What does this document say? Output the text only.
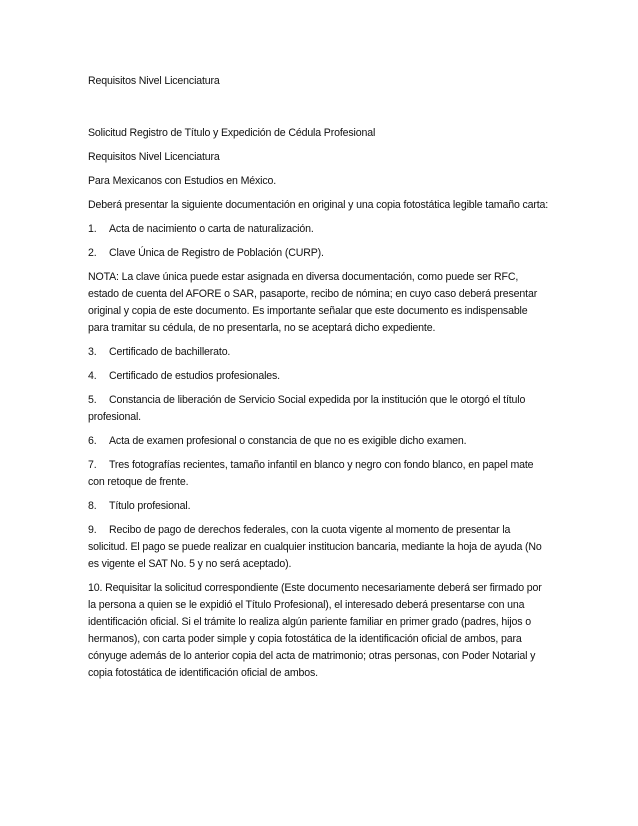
Requisitos Nivel Licenciatura

Solicitud Registro de Título y Expedición de Cédula Profesional

Requisitos Nivel Licenciatura

Para Mexicanos con Estudios en México.

Deberá presentar la siguiente documentación en original y una copia fotostática legible tamaño carta:

1. Acta de nacimiento o carta de naturalización.

2. Clave Única de Registro de Población (CURP).

NOTA: La clave única puede estar asignada en diversa documentación, como puede ser RFC, estado de cuenta del AFORE o SAR, pasaporte, recibo de nómina; en cuyo caso deberá presentar original y copia de este documento. Es importante señalar que este documento es indispensable para tramitar su cédula, de no presentarla, no se aceptará dicho expediente.

3. Certificado de bachillerato.

4. Certificado de estudios profesionales.

5. Constancia de liberación de Servicio Social expedida por la institución que le otorgó el título profesional.

6. Acta de examen profesional o constancia de que no es exigible dicho examen.

7. Tres fotografías recientes, tamaño infantil en blanco y negro con fondo blanco, en papel mate con retoque de frente.

8. Título profesional.

9. Recibo de pago de derechos federales, con la cuota vigente al momento de presentar la solicitud. El pago se puede realizar en cualquier institucion bancaria, mediante la hoja de ayuda (No es vigente el SAT No. 5 y no será aceptado).

10. Requisitar la solicitud correspondiente (Este documento necesariamente deberá ser firmado por la persona a quien se le expidió el Título Profesional), el interesado deberá presentarse con una identificación oficial. Si el trámite lo realiza algún pariente familiar en primer grado (padres, hijos o hermanos), con carta poder simple y copia fotostática de la identificación oficial de ambos, para cónyuge además de lo anterior copia del acta de matrimonio; otras personas, con Poder Notarial y copia fotostática de identificación oficial de ambos.
